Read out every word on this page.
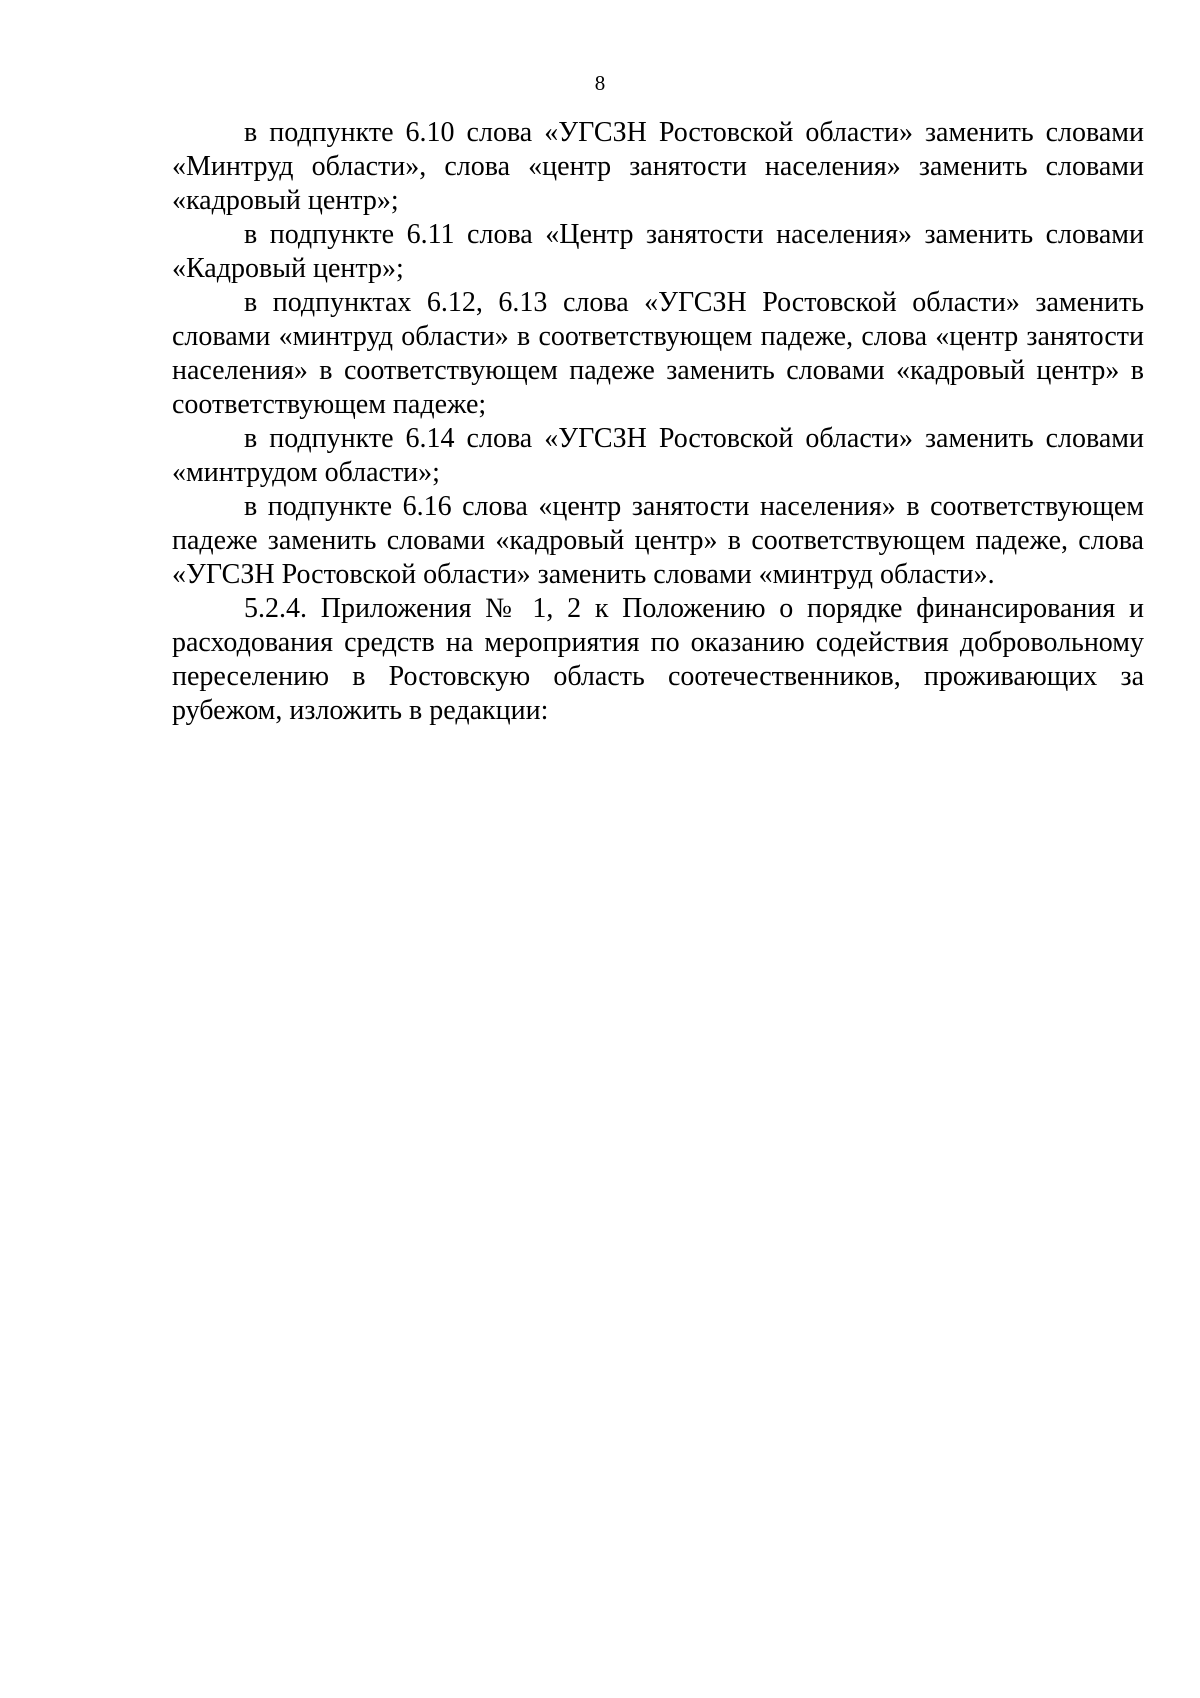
8

в подпункте 6.10 слова «УГСЗН Ростовской области» заменить словами «Минтруд области», слова «центр занятости населения» заменить словами «кадровый центр»;

в подпункте 6.11 слова «Центр занятости населения» заменить словами «Кадровый центр»;

в подпунктах 6.12, 6.13 слова «УГСЗН Ростовской области» заменить словами «минтруд области» в соответствующем падеже, слова «центр занятости населения» в соответствующем падеже заменить словами «кадровый центр» в соответствующем падеже;

в подпункте 6.14 слова «УГСЗН Ростовской области» заменить словами «минтрудом области»;

в подпункте 6.16 слова «центр занятости населения» в соответствующем падеже заменить словами «кадровый центр» в соответствующем падеже, слова «УГСЗН Ростовской области» заменить словами «минтруд области».

5.2.4. Приложения № 1, 2 к Положению о порядке финансирования и расходования средств на мероприятия по оказанию содействия добровольному переселению в Ростовскую область соотечественников, проживающих за рубежом, изложить в редакции:
